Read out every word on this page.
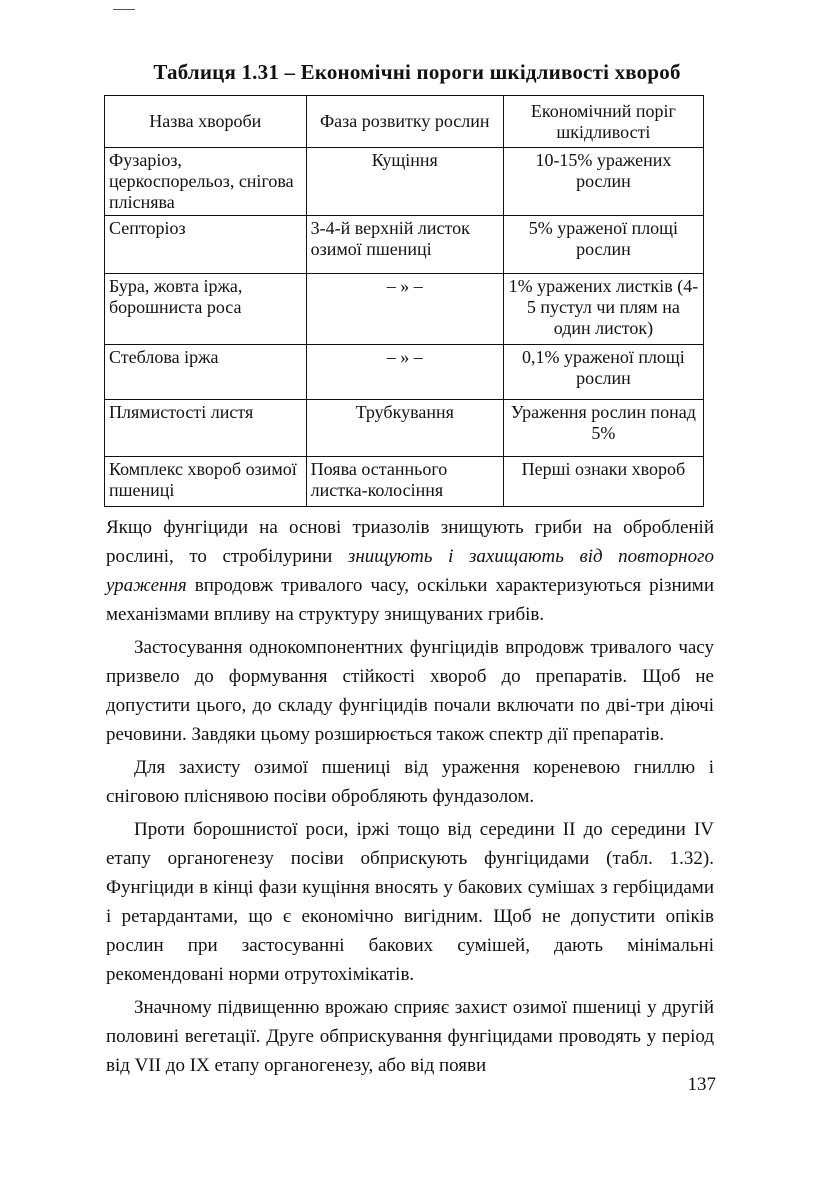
Таблиця 1.31 – Економічні пороги шкідливості хвороб
Назва хвороби	Фаза розвитку рослин	Економічний поріг шкідливості
Фузаріоз, церкоспорельоз, снігова пліснява	Кущіння	10-15% уражених рослин
Септоріоз	3-4-й верхній листок озимої пшениці	5% ураженої площі рослин
Бура, жовта іржа, борошниста роса	– » –	1% уражених листків (4-5 пустул чи плям на один листок)
Стеблова іржа	– » –	0,1% ураженої площі рослин
Плямистості листя	Трубкування	Ураження рослин понад 5%
Комплекс хвороб озимої пшениці	Поява останнього листка-колосіння	Перші ознаки хвороб

Якщо фунгіциди на основі триазолів знищують гриби на обробленій рослині, то стробілурини знищують і захищають від повторного ураження впродовж тривалого часу, оскільки характеризуються різними механізмами впливу на структуру знищуваних грибів.

Застосування однокомпонентних фунгіцидів впродовж тривалого часу призвело до формування стійкості хвороб до препаратів. Щоб не допустити цього, до складу фунгіцидів почали включати по дві-три діючі речовини. Завдяки цьому розширюється також спектр дії препаратів.

Для захисту озимої пшениці від ураження кореневою гниллю і сніговою пліснявою посіви обробляють фундазолом.

Проти борошнистої роси, іржі тощо від середини II до середини IV етапу органогенезу посіви обприскують фунгіцидами (табл. 1.32). Фунгіциди в кінці фази кущіння вносять у бакових сумішах з гербіцидами і ретардантами, що є економічно вигідним. Щоб не допустити опіків рослин при застосуванні бакових сумішей, дають мінімальні рекомендовані норми отрутохімікатів.

Значному підвищенню врожаю сприяє захист озимої пшениці у другій половині вегетації. Друге обприскування фунгіцидами проводять у період від VII до IX етапу органогенезу, або від появи

137
